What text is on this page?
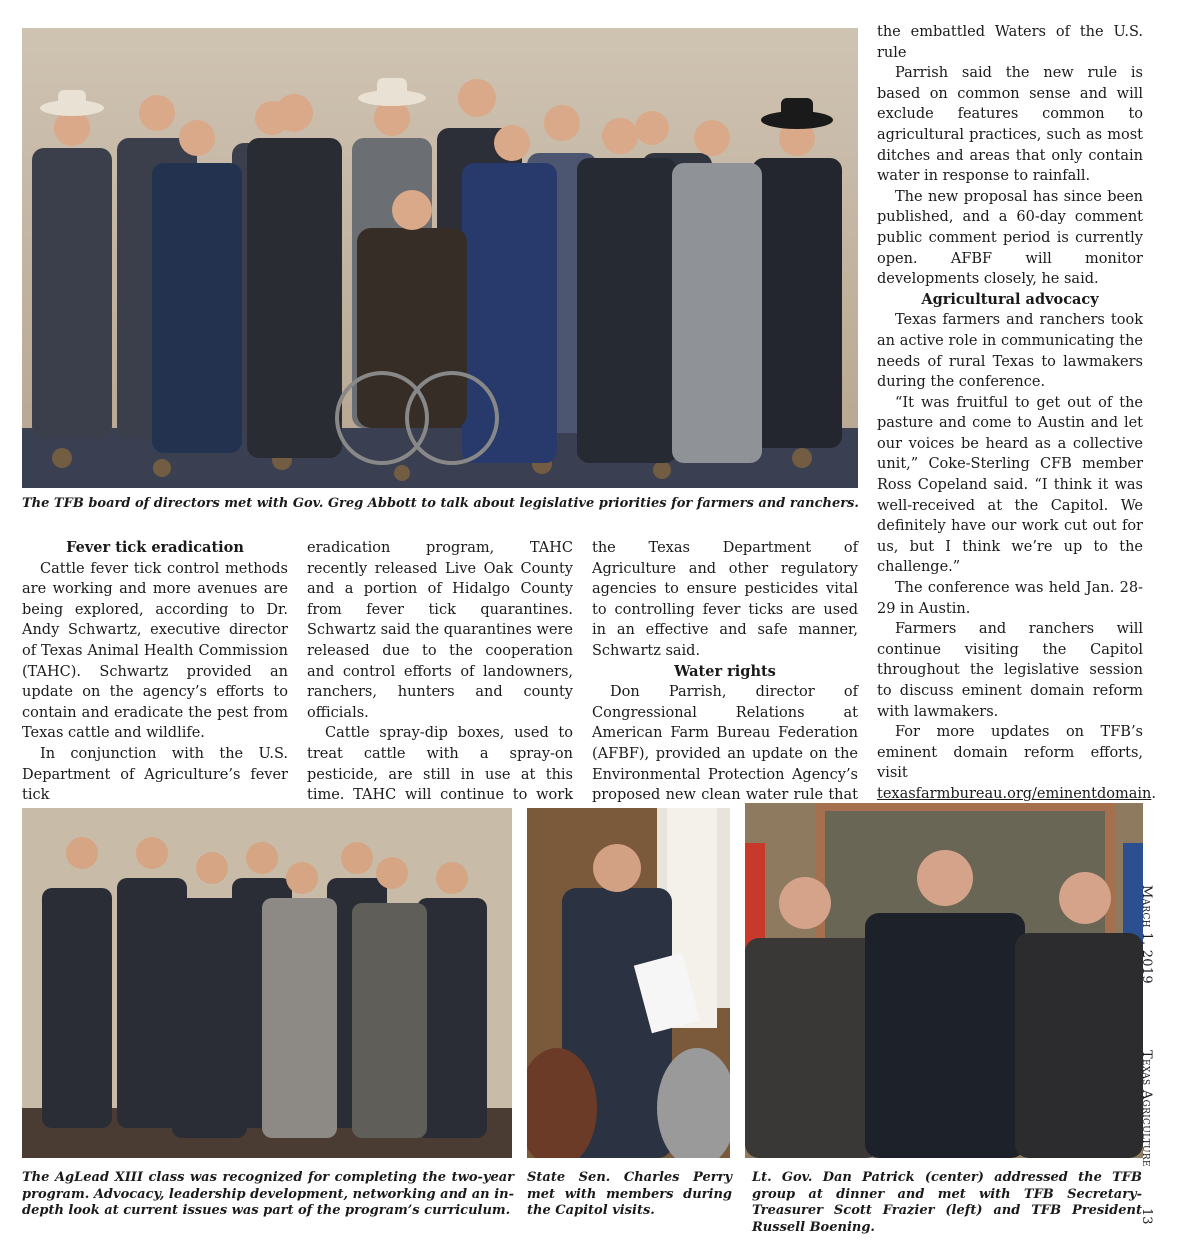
The TFB board of directors met with Gov. Greg Abbott to talk about legislative priorities for farmers and ranchers.
Fever tick eradication

Cattle fever tick control methods are working and more avenues are being explored, according to Dr. Andy Schwartz, executive director of Texas Animal Health Commission (TAHC). Schwartz provided an update on the agency’s efforts to contain and eradicate the pest from Texas cattle and wildlife.

In conjunction with the U.S. Department of Agriculture’s fever tick

eradication program, TAHC recently released Live Oak County and a portion of Hidalgo County from fever tick quarantines. Schwartz said the quarantines were released due to the cooperation and control efforts of landowners, ranchers, hunters and county officials.

Cattle spray-dip boxes, used to treat cattle with a spray-on pesticide, are still in use at this time. TAHC will continue to work

the Texas Department of Agriculture and other regulatory agencies to ensure pesticides vital to controlling fever ticks are used in an effective and safe manner, Schwartz said.

Water rights

Don Parrish, director of Congressional Relations at American Farm Bureau Federation (AFBF), provided an update on the Environmental Protection Agency’s proposed new clean water rule that

the embattled Waters of the U.S. rule

Parrish said the new rule is based on common sense and will exclude features common to agricultural practices, such as most ditches and areas that only contain water in response to rainfall.

The new proposal has since been published, and a 60-day comment public comment period is currently open. AFBF will monitor developments closely, he said.

Agricultural advocacy

Texas farmers and ranchers took an active role in communicating the needs of rural Texas to lawmakers during the conference.

“It was fruitful to get out of the pasture and come to Austin and let our voices be heard as a collective unit,” Coke-Sterling CFB member Ross Copeland said. “I think it was well-received at the Capitol. We definitely have our work cut out for us, but I think we’re up to the challenge.”

The conference was held Jan. 28-29 in Austin.

Farmers and ranchers will continue visiting the Capitol throughout the legislative session to discuss eminent domain reform with lawmakers.

For more updates on TFB’s eminent domain reform efforts, visit texasfarmbureau.org/eminentdomain.

The AgLead XIII class was recognized for completing the two-year program. Advocacy, leadership development, networking and an in-depth look at current issues was part of the program’s curriculum.
State Sen. Charles Perry met with members during the Capitol visits.
Lt. Gov. Dan Patrick (center) addressed the TFB group at dinner and met with TFB Secretary-Treasurer Scott Frazier (left) and TFB President Russell Boening.
March 1, 2019
Texas Agriculture
13
